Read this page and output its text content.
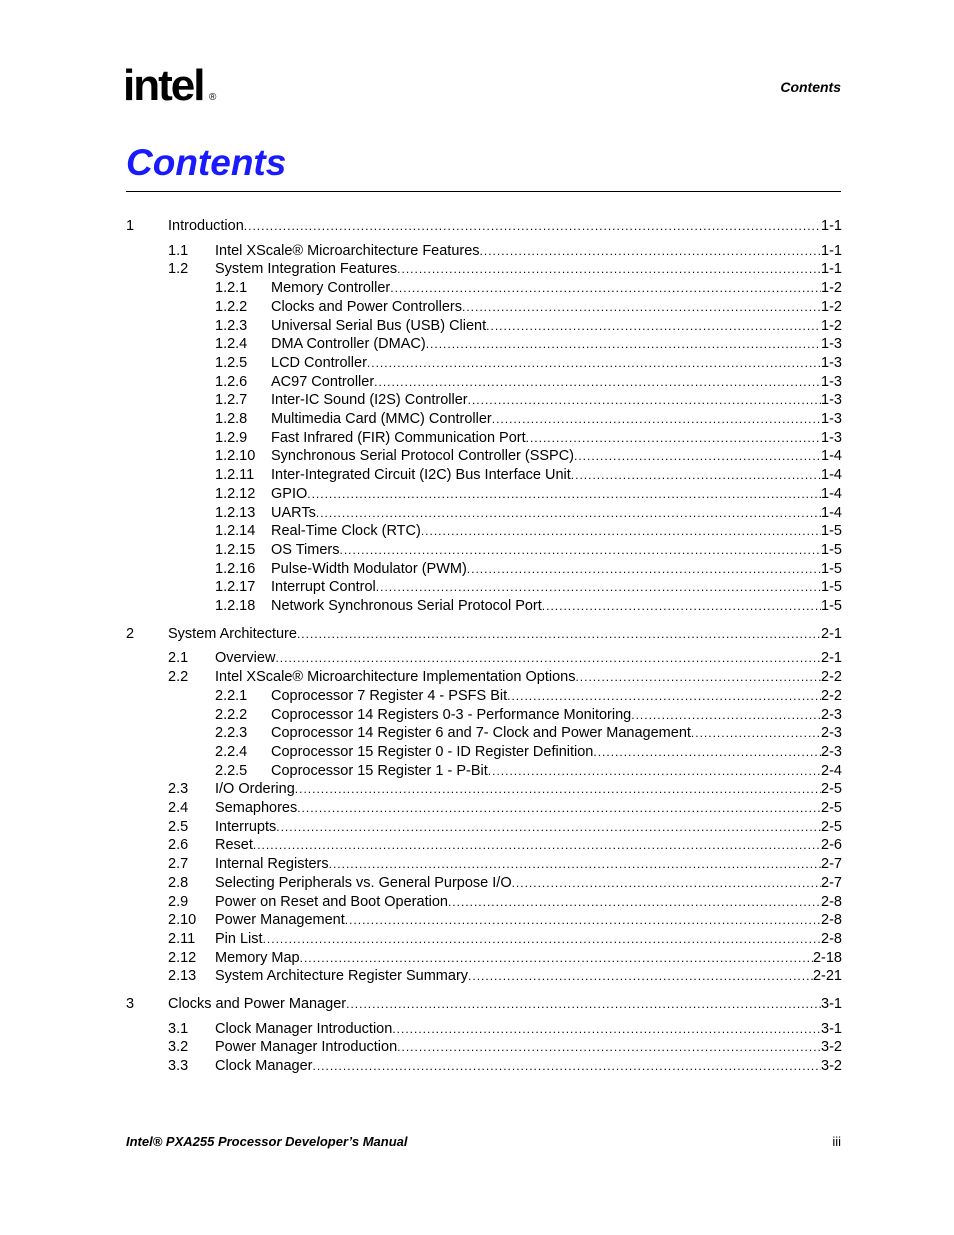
intel ®
Contents
Contents
1 Introduction .....	1-1
1.1 Intel XScale® Microarchitecture Features .....	1-1
1.2 System Integration Features .....	1-1
1.2.1 Memory Controller .....	1-2
1.2.2 Clocks and Power Controllers .....	1-2
1.2.3 Universal Serial Bus (USB) Client .....	1-2
1.2.4 DMA Controller (DMAC) .....	1-3
1.2.5 LCD Controller .....	1-3
1.2.6 AC97 Controller .....	1-3
1.2.7 Inter-IC Sound (I2S) Controller .....	1-3
1.2.8 Multimedia Card (MMC) Controller .....	1-3
1.2.9 Fast Infrared (FIR) Communication Port .....	1-3
1.2.10 Synchronous Serial Protocol Controller (SSPC) .....	1-4
1.2.11 Inter-Integrated Circuit (I2C) Bus Interface Unit .....	1-4
1.2.12 GPIO .....	1-4
1.2.13 UARTs .....	1-4
1.2.14 Real-Time Clock (RTC) .....	1-5
1.2.15 OS Timers .....	1-5
1.2.16 Pulse-Width Modulator (PWM) .....	1-5
1.2.17 Interrupt Control .....	1-5
1.2.18 Network Synchronous Serial Protocol Port .....	1-5
2 System Architecture .....	2-1
2.1 Overview .....	2-1
2.2 Intel XScale® Microarchitecture Implementation Options .....	2-2
2.2.1 Coprocessor 7 Register 4 - PSFS Bit .....	2-2
2.2.2 Coprocessor 14 Registers 0-3 - Performance Monitoring .....	2-3
2.2.3 Coprocessor 14 Register 6 and 7- Clock and Power Management .....	2-3
2.2.4 Coprocessor 15 Register 0 - ID Register Definition .....	2-3
2.2.5 Coprocessor 15 Register 1 - P-Bit .....	2-4
2.3 I/O Ordering .....	2-5
2.4 Semaphores .....	2-5
2.5 Interrupts .....	2-5
2.6 Reset .....	2-6
2.7 Internal Registers .....	2-7
2.8 Selecting Peripherals vs. General Purpose I/O .....	2-7
2.9 Power on Reset and Boot Operation .....	2-8
2.10 Power Management .....	2-8
2.11 Pin List .....	2-8
2.12 Memory Map .....	2-18
2.13 System Architecture Register Summary .....	2-21
3 Clocks and Power Manager .....	3-1
3.1 Clock Manager Introduction .....	3-1
3.2 Power Manager Introduction .....	3-2
3.3 Clock Manager .....	3-2
Intel® PXA255 Processor Developer’s Manual	iii
